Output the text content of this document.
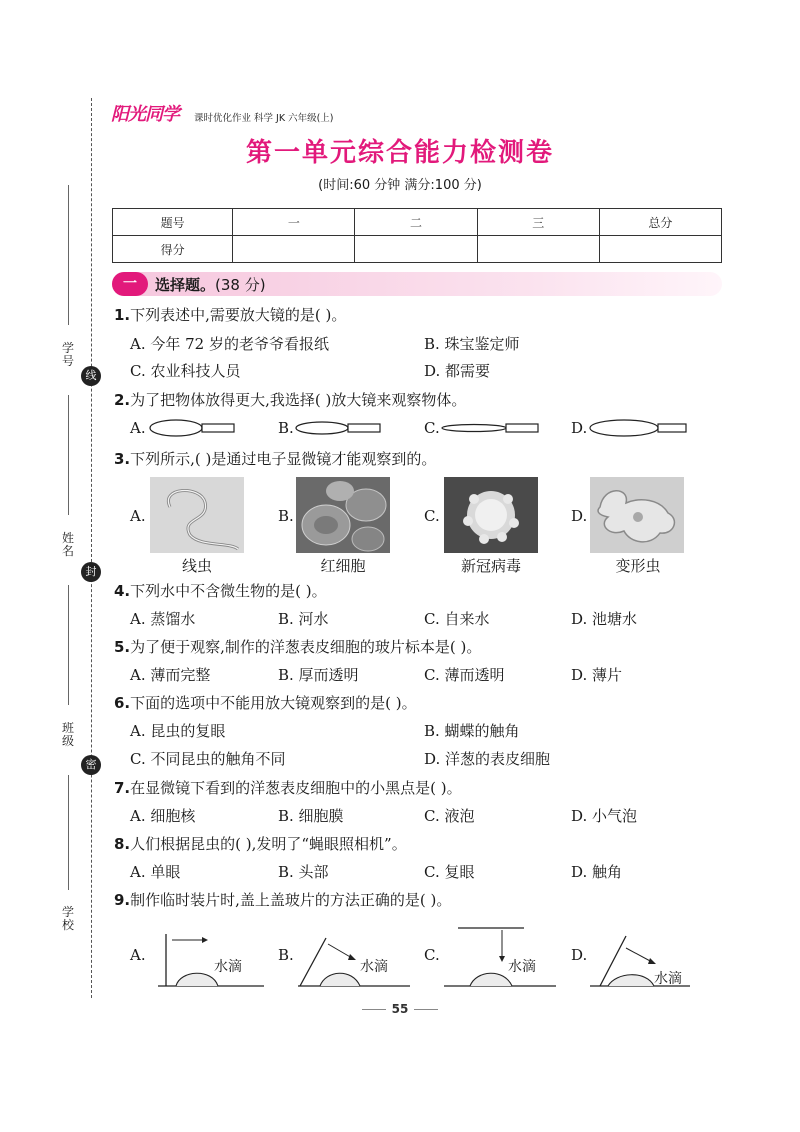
学号
姓名
班级
学校
线
封
密
阳光同学 课时优化作业 科学 JK 六年级(上)
第一单元综合能力检测卷
(时间:60 分钟 满分:100 分)
题号	一	二	三	总分
得分				
一	选择题。(38 分)
1.下列表述中,需要放大镜的是( )。
A. 今年 72 岁的老爷爷看报纸	B. 珠宝鉴定师
C. 农业科技人员	D. 都需要
2.为了把物体放得更大,我选择( )放大镜来观察物体。
A.	B.	C.	D.
3.下列所示,( )是通过电子显微镜才能观察到的。
A.
线虫
B.
红细胞
C.
新冠病毒
D.
变形虫
4.下列水中不含微生物的是( )。
A. 蒸馏水	B. 河水	C. 自来水	D. 池塘水
5.为了便于观察,制作的洋葱表皮细胞的玻片标本是( )。
A. 薄而完整	B. 厚而透明	C. 薄而透明	D. 薄片
6.下面的选项中不能用放大镜观察到的是( )。
A. 昆虫的复眼	B. 蝴蝶的触角
C. 不同昆虫的触角不同	D. 洋葱的表皮细胞
7.在显微镜下看到的洋葱表皮细胞中的小黑点是( )。
A. 细胞核	B. 细胞膜	C. 液泡	D. 小气泡
8.人们根据昆虫的( ),发明了“蝇眼照相机”。
A. 单眼	B. 头部	C. 复眼	D. 触角
9.制作临时装片时,盖上盖玻片的方法正确的是( )。
A.
水滴
B.
水滴
C.
水滴
D.
水滴
55
